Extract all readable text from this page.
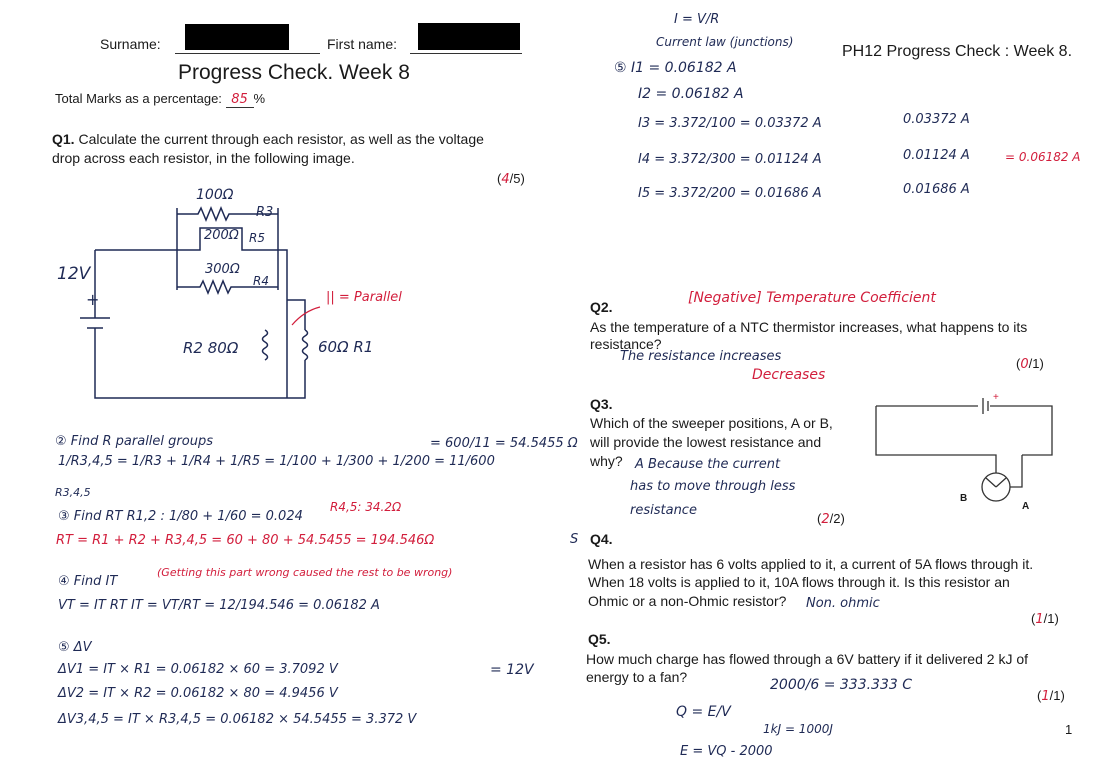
Surname:	First name:
Progress Check. Week 8
Total Marks as a percentage: 85 %
Q1. Calculate the current through each resistor, as well as the voltage
drop across each resistor, in the following image.
(4/5)
12V
+
100Ω
R3
200Ω R5
300Ω
R4
R2 80Ω	60Ω R1
|| = Parallel
② Find R parallel groups
1/R3,4,5 = 1/R3 + 1/R4 + 1/R5 = 1/100 + 1/300 + 1/200 = 11/600
= 600/11 = 54.5455 Ω
R3,4,5
③ Find RT R1,2 : 1/80 + 1/60 = 0.024
R4,5: 34.2Ω
RT = R1 + R2 + R3,4,5 = 60 + 80 + 54.5455 = 194.546Ω	S
④ Find IT
(Getting this part wrong caused the rest to be wrong)
VT = IT RT IT = VT/RT = 12/194.546 = 0.06182 A
⑤ ΔV
ΔV1 = IT × R1 = 0.06182 × 60 = 3.7092 V
ΔV2 = IT × R2 = 0.06182 × 80 = 4.9456 V
ΔV3,4,5 = IT × R3,4,5 = 0.06182 × 54.5455 = 3.372 V
= 12V
PH12 Progress Check : Week 8.
I = V/R
Current law (junctions)
⑤ I1 = 0.06182 A
I2 = 0.06182 A
I3 = 3.372/100 = 0.03372 A
I4 = 3.372/300 = 0.01124 A
I5 = 3.372/200 = 0.01686 A
0.03372 A
0.01124 A
0.01686 A
= 0.06182 A
[Negative] Temperature Coefficient
Q2.
As the temperature of a NTC thermistor increases, what happens to its
resistance?
The resistance increases
Decreases
(0/1)
Q3.
Which of the sweeper positions, A or B,
will provide the lowest resistance and
why? A Because the current
has to move through less
resistance
(2/2)
+
B
A
Q4.
When a resistor has 6 volts applied to it, a current of 5A flows through it.
When 18 volts is applied to it, 10A flows through it. Is this resistor an
Ohmic or a non-Ohmic resistor? Non. ohmic
(1/1)
Q5.
How much charge has flowed through a 6V battery if it delivered 2 kJ of
energy to a fan?	2000/6 = 333.333 C
Q = E/V
1kJ = 1000J
E = VQ - 2000
(1/1)
1
